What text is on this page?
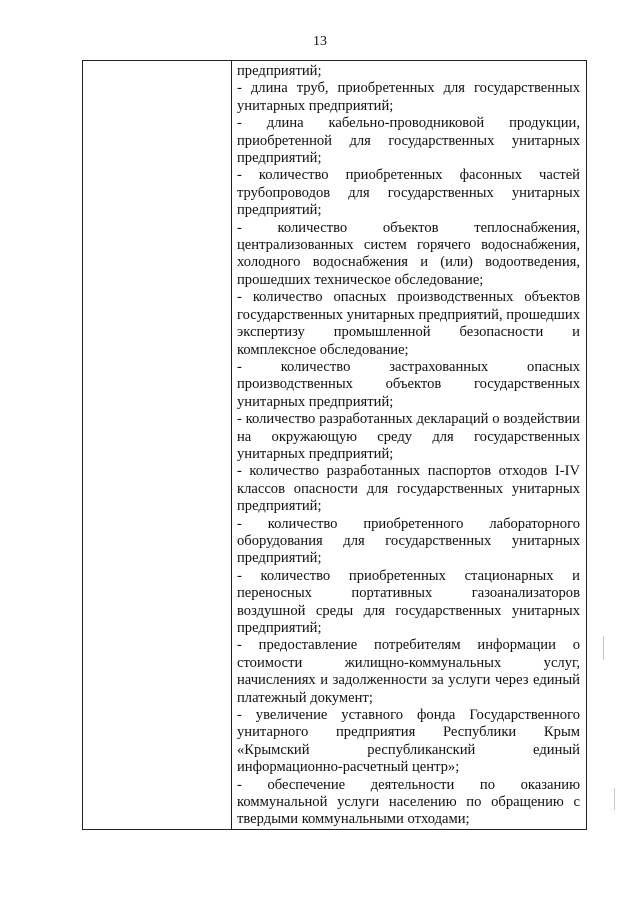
13

предприятий;

- длина труб, приобретенных для государственных унитарных предприятий;

- длина кабельно-проводниковой продукции, приобретенной для государственных унитарных предприятий;

- количество приобретенных фасонных частей трубопроводов для государственных унитарных предприятий;

- количество объектов теплоснабжения, централизованных систем горячего водоснабжения, холодного водоснабжения и (или) водоотведения, прошедших техническое обследование;

- количество опасных производственных объектов государственных унитарных предприятий, прошедших экспертизу промышленной безопасности и комплексное обследование;

- количество застрахованных опасных производственных объектов государственных унитарных предприятий;

- количество разработанных деклараций о воздействии на окружающую среду для государственных унитарных предприятий;

- количество разработанных паспортов отходов I-IV классов опасности для государственных унитарных предприятий;

- количество приобретенного лабораторного оборудования для государственных унитарных предприятий;

- количество приобретенных стационарных и переносных портативных газоанализаторов воздушной среды для государственных унитарных предприятий;

- предоставление потребителям информации о стоимости жилищно-коммунальных услуг, начислениях и задолженности за услуги через единый платежный документ;

- увеличение уставного фонда Государственного унитарного предприятия Республики Крым «Крымский республиканский единый информационно-расчетный центр»;

- обеспечение деятельности по оказанию коммунальной услуги населению по обращению с твердыми коммунальными отходами;
